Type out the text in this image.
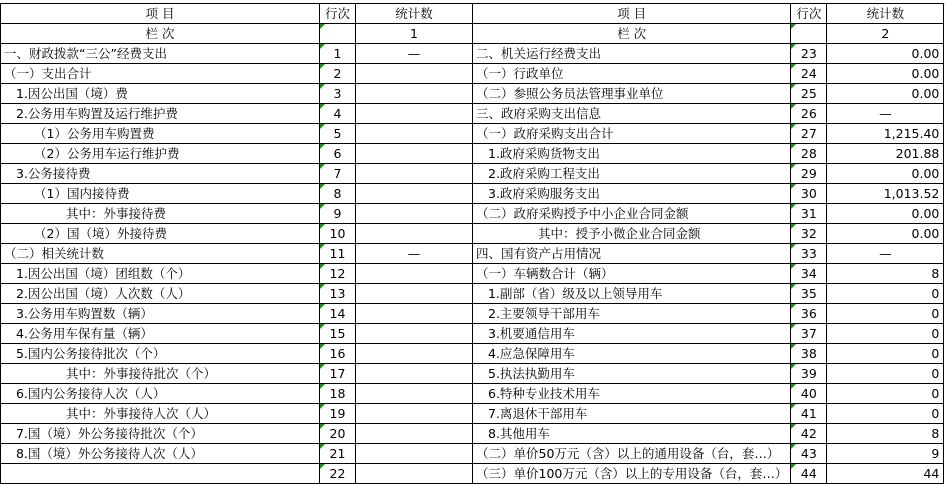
项 目	行次	统计数	项 目	行次	统计数
栏 次		1	栏 次		2
一、财政拨款“三公”经费支出	1	—	二、机关运行经费支出	23	0.00
（一）支出合计	2		（一）行政单位	24	0.00
1.因公出国（境）费	3		（二）参照公务员法管理事业单位	25	0.00
2.公务用车购置及运行维护费	4		三、政府采购支出信息	26	—
（1）公务用车购置费	5		（一）政府采购支出合计	27	1,215.40
（2）公务用车运行维护费	6		1.政府采购货物支出	28	201.88
3.公务接待费	7		2.政府采购工程支出	29	0.00
（1）国内接待费	8		3.政府采购服务支出	30	1,013.52
其中：外事接待费	9		（二）政府采购授予中小企业合同金额	31	0.00
（2）国（境）外接待费	10		其中：授予小微企业合同金额	32	0.00
（二）相关统计数	11	—	四、国有资产占用情况	33	—
1.因公出国（境）团组数（个）	12		（一）车辆数合计（辆）	34	8
2.因公出国（境）人次数（人）	13		1.副部（省）级及以上领导用车	35	0
3.公务用车购置数（辆）	14		2.主要领导干部用车	36	0
4.公务用车保有量（辆）	15		3.机要通信用车	37	0
5.国内公务接待批次（个）	16		4.应急保障用车	38	0
其中：外事接待批次（个）	17		5.执法执勤用车	39	0
6.国内公务接待人次（人）	18		6.特种专业技术用车	40	0
其中：外事接待人次（人）	19		7.离退休干部用车	41	0
7.国（境）外公务接待批次（个）	20		8.其他用车	42	8
8.国（境）外公务接待人次（人）	21		（二）单价50万元（含）以上的通用设备（台，套…）	43	9
	22		（三）单价100万元（含）以上的专用设备（台，套…）	44	44
